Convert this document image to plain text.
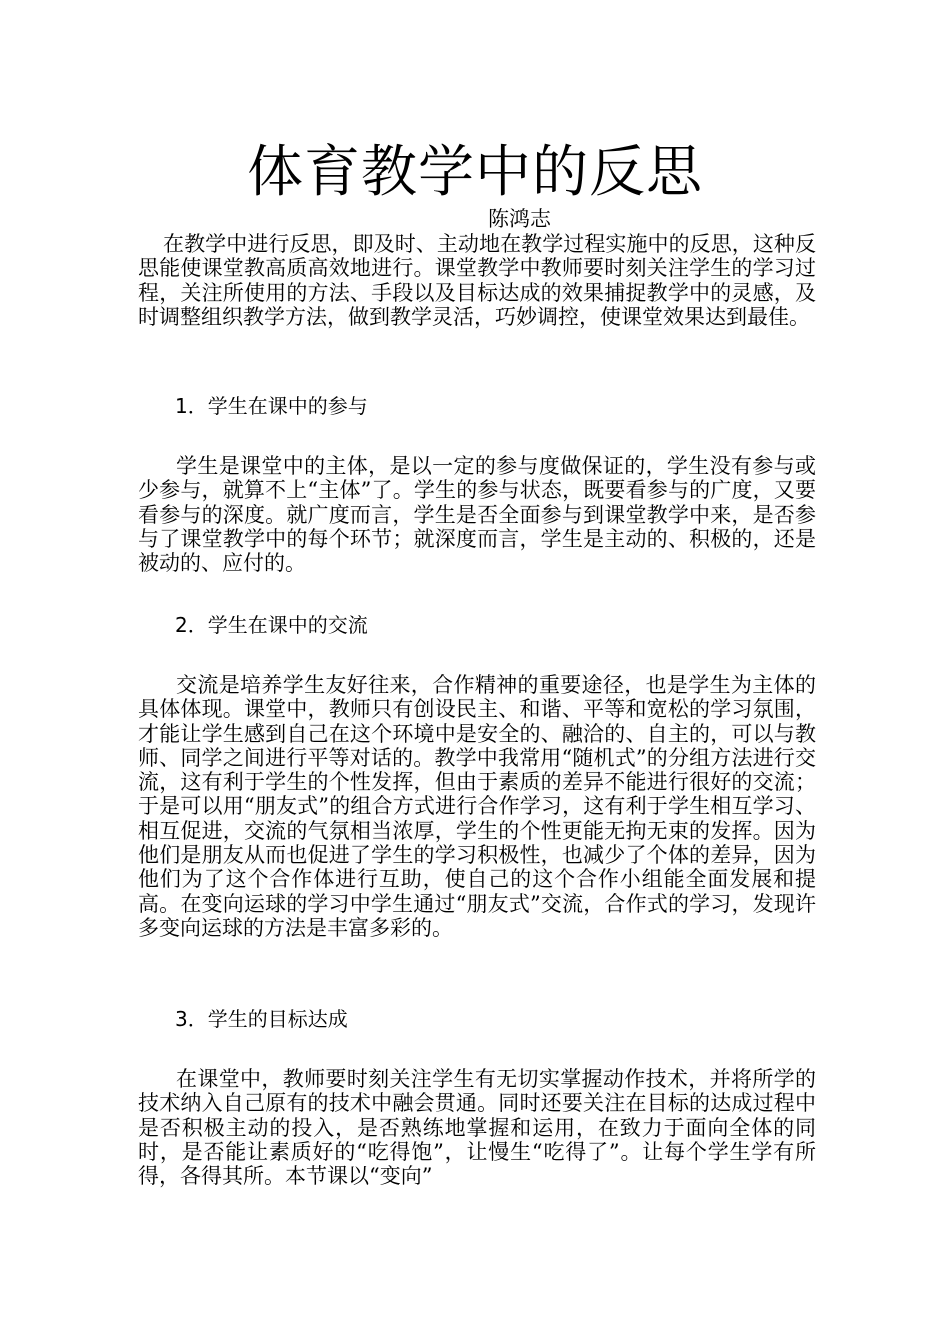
体育教学中的反思
陈鸿志

在教学中进行反思，即及时、主动地在教学过程实施中的反思，这种反思能使课堂教高质高效地进行。课堂教学中教师要时刻关注学生的学习过程，关注所使用的方法、手段以及目标达成的效果捕捉教学中的灵感，及时调整组织教学方法，做到教学灵活，巧妙调控，使课堂效果达到最佳。

1．学生在课中的参与

学生是课堂中的主体，是以一定的参与度做保证的，学生没有参与或少参与，就算不上“主体”了。学生的参与状态，既要看参与的广度，又要看参与的深度。就广度而言，学生是否全面参与到课堂教学中来，是否参与了课堂教学中的每个环节；就深度而言，学生是主动的、积极的，还是被动的、应付的。

2．学生在课中的交流

交流是培养学生友好往来，合作精神的重要途径，也是学生为主体的具体体现。课堂中，教师只有创设民主、和谐、平等和宽松的学习氛围，才能让学生感到自己在这个环境中是安全的、融洽的、自主的，可以与教师、同学之间进行平等对话的。教学中我常用“随机式”的分组方法进行交流，这有利于学生的个性发挥，但由于素质的差异不能进行很好的交流；于是可以用“朋友式”的组合方式进行合作学习，这有利于学生相互学习、相互促进，交流的气氛相当浓厚，学生的个性更能无拘无束的发挥。因为他们是朋友从而也促进了学生的学习积极性，也减少了个体的差异，因为他们为了这个合作体进行互助，使自己的这个合作小组能全面发展和提高。在变向运球的学习中学生通过“朋友式”交流，合作式的学习，发现许多变向运球的方法是丰富多彩的。

3．学生的目标达成

在课堂中，教师要时刻关注学生有无切实掌握动作技术，并将所学的技术纳入自己原有的技术中融会贯通。同时还要关注在目标的达成过程中是否积极主动的投入，是否熟练地掌握和运用，在致力于面向全体的同时，是否能让素质好的“吃得饱”，让慢生“吃得了”。让每个学生学有所得，各得其所。本节课以“变向”
